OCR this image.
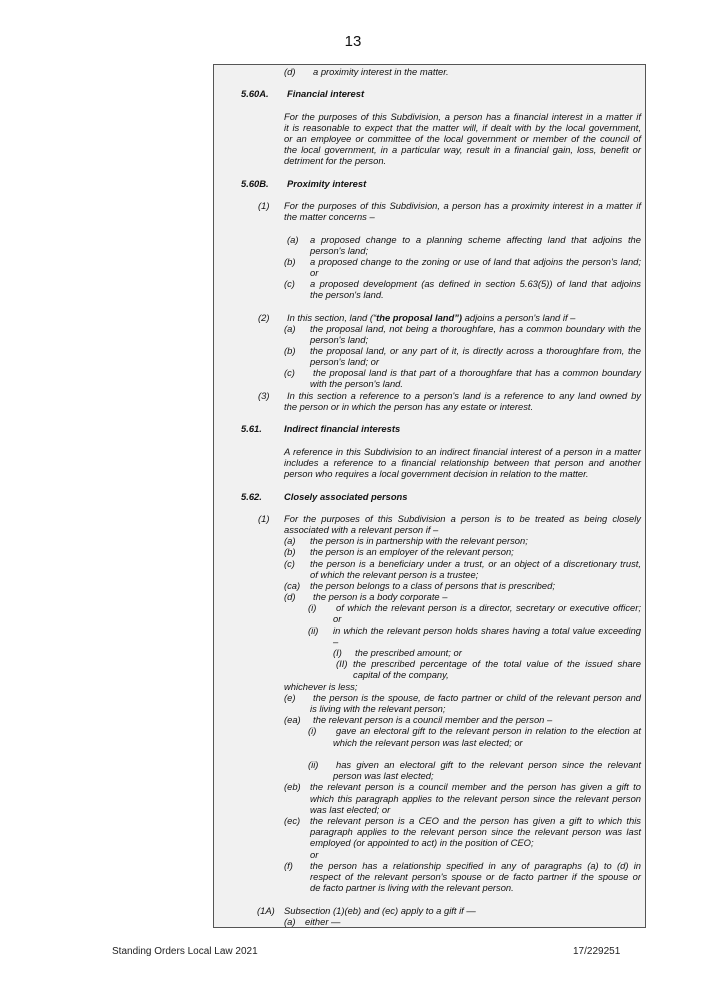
13
(d) a proximity interest in the matter.
5.60A. Financial interest
For the purposes of this Subdivision, a person has a financial interest in a matter if
it is reasonable to expect that the matter will, if dealt with by the local government,
or an employee or committee of the local government or member of the council of
the local government, in a particular way, result in a financial gain, loss, benefit or
detriment for the person.
5.60B. Proximity interest
(1) For the purposes of this Subdivision, a person has a proximity interest in a matter if
the matter concerns –
(a) a proposed change to a planning scheme affecting land that adjoins the
person's land;
(b) a proposed change to the zoning or use of land that adjoins the person's land;
or
(c) a proposed development (as defined in section 5.63(5)) of land that adjoins
the person's land.
(2) In this section, land (“the proposal land”) adjoins a person's land if –
(a) the proposal land, not being a thoroughfare, has a common boundary with the
person's land;
(b) the proposal land, or any part of it, is directly across a thoroughfare from, the
person's land; or
(c) the proposal land is that part of a thoroughfare that has a common boundary
with the person's land.
(3) In this section a reference to a person's land is a reference to any land owned by
the person or in which the person has any estate or interest.
5.61. Indirect financial interests
A reference in this Subdivision to an indirect financial interest of a person in a matter
includes a reference to a financial relationship between that person and another
person who requires a local government decision in relation to the matter.
5.62. Closely associated persons
(1) For the purposes of this Subdivision a person is to be treated as being closely
associated with a relevant person if –
(a) the person is in partnership with the relevant person;
(b) the person is an employer of the relevant person;
(c) the person is a beneficiary under a trust, or an object of a discretionary trust,
of which the relevant person is a trustee;
(ca) the person belongs to a class of persons that is prescribed;
(d) the person is a body corporate –
(i) of which the relevant person is a director, secretary or executive officer;
or
(ii) in which the relevant person holds shares having a total value exceeding
–
(I) the prescribed amount; or
(II) the prescribed percentage of the total value of the issued share
capital of the company,
whichever is less;
(e) the person is the spouse, de facto partner or child of the relevant person and
is living with the relevant person;
(ea) the relevant person is a council member and the person –
(i) gave an electoral gift to the relevant person in relation to the election at
which the relevant person was last elected; or
(ii) has given an electoral gift to the relevant person since the relevant
person was last elected;
(eb) the relevant person is a council member and the person has given a gift to
which this paragraph applies to the relevant person since the relevant person
was last elected; or
(ec) the relevant person is a CEO and the person has given a gift to which this
paragraph applies to the relevant person since the relevant person was last
employed (or appointed to act) in the position of CEO;
or
(f) the person has a relationship specified in any of paragraphs (a) to (d) in
respect of the relevant person's spouse or de facto partner if the spouse or
de facto partner is living with the relevant person.
(1A) Subsection (1)(eb) and (ec) apply to a gift if —
(a) either —
Standing Orders Local Law 2021	17/229251
